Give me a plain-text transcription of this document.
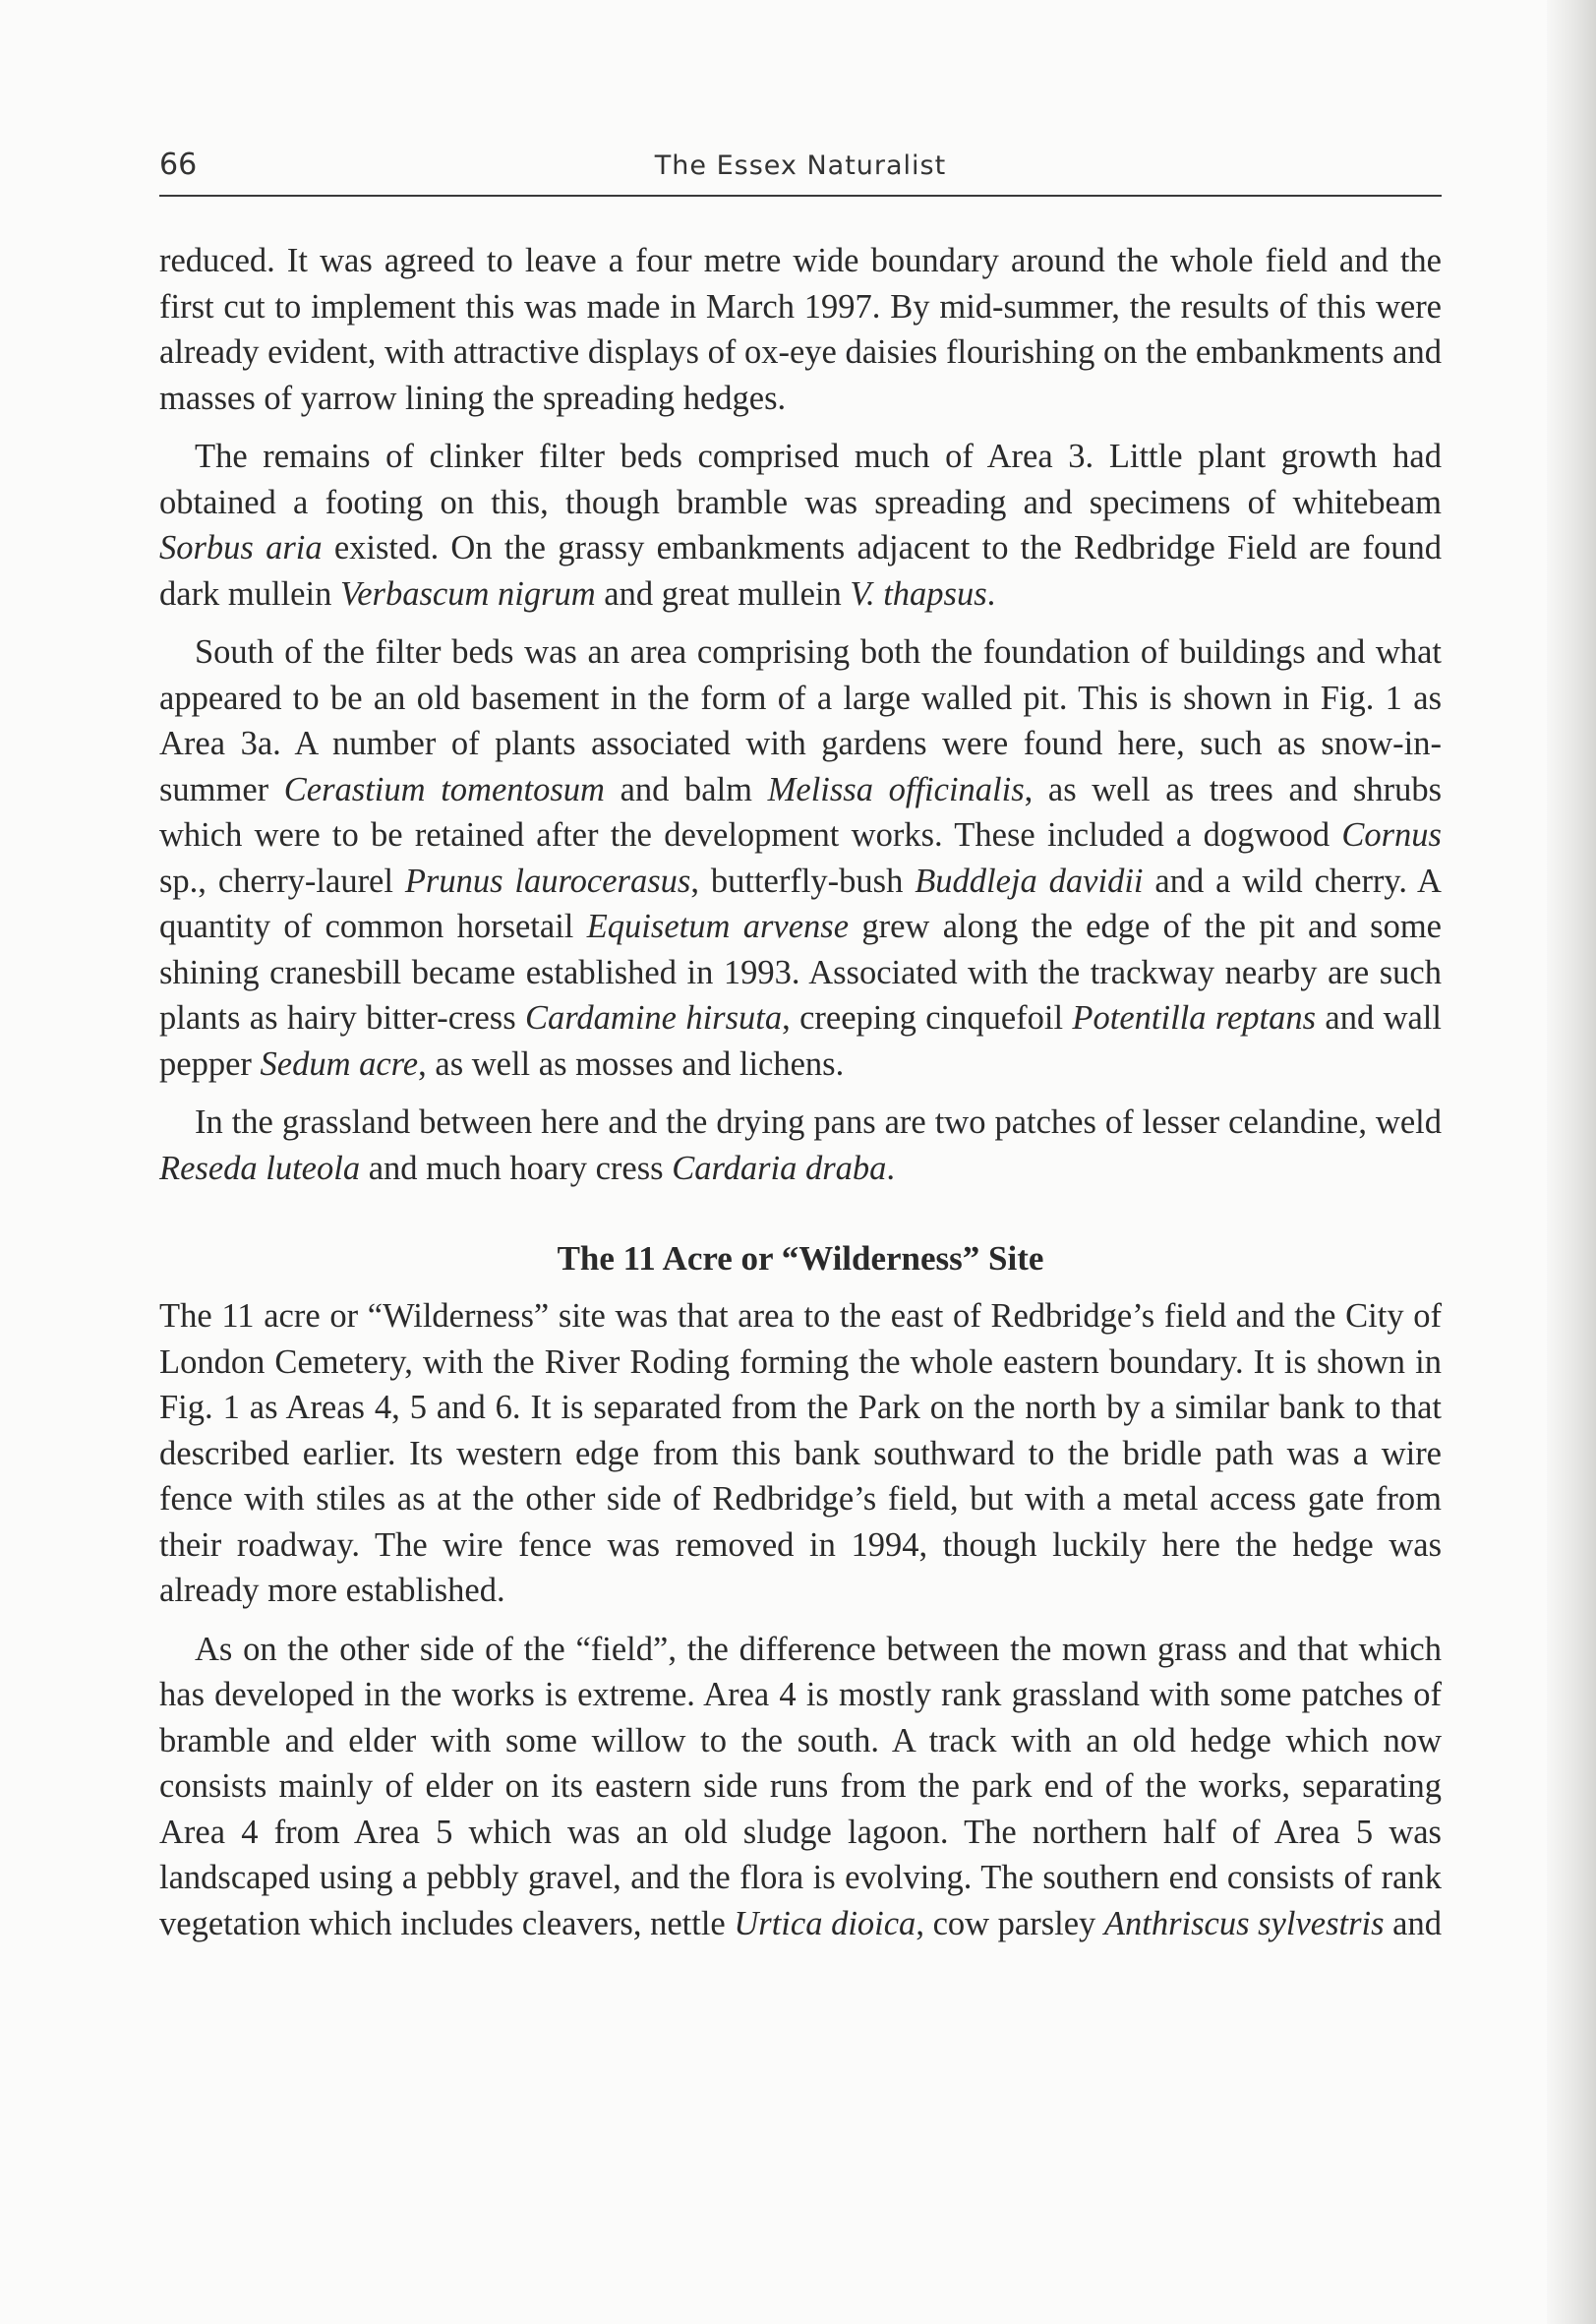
66	The Essex Naturalist

reduced. It was agreed to leave a four metre wide boundary around the whole field and the first cut to implement this was made in March 1997. By mid-summer, the results of this were already evident, with attractive displays of ox-eye daisies flourishing on the embankments and masses of yarrow lining the spreading hedges.

The remains of clinker filter beds comprised much of Area 3. Little plant growth had obtained a footing on this, though bramble was spreading and specimens of whitebeam Sorbus aria existed. On the grassy embankments adjacent to the Redbridge Field are found dark mullein Verbascum nigrum and great mullein V. thapsus.

South of the filter beds was an area comprising both the foundation of buildings and what appeared to be an old basement in the form of a large walled pit. This is shown in Fig. 1 as Area 3a. A number of plants associated with gardens were found here, such as snow-in-summer Cerastium tomentosum and balm Melissa officinalis, as well as trees and shrubs which were to be retained after the development works. These included a dogwood Cornus sp., cherry-laurel Prunus laurocerasus, butterfly-bush Buddleja davidii and a wild cherry. A quantity of common horsetail Equisetum arvense grew along the edge of the pit and some shining cranesbill became established in 1993. Associated with the trackway nearby are such plants as hairy bitter-cress Cardamine hirsuta, creeping cinquefoil Potentilla reptans and wall pepper Sedum acre, as well as mosses and lichens.

In the grassland between here and the drying pans are two patches of lesser celandine, weld Reseda luteola and much hoary cress Cardaria draba.

The 11 Acre or “Wilderness” Site

The 11 acre or “Wilderness” site was that area to the east of Redbridge’s field and the City of London Cemetery, with the River Roding forming the whole eastern boundary. It is shown in Fig. 1 as Areas 4, 5 and 6. It is separated from the Park on the north by a similar bank to that described earlier. Its western edge from this bank southward to the bridle path was a wire fence with stiles as at the other side of Redbridge’s field, but with a metal access gate from their roadway. The wire fence was removed in 1994, though luckily here the hedge was already more established.

As on the other side of the “field”, the difference between the mown grass and that which has developed in the works is extreme. Area 4 is mostly rank grassland with some patches of bramble and elder with some willow to the south. A track with an old hedge which now consists mainly of elder on its eastern side runs from the park end of the works, separating Area 4 from Area 5 which was an old sludge lagoon. The northern half of Area 5 was landscaped using a pebbly gravel, and the flora is evolving. The southern end consists of rank vegetation which includes cleavers, nettle Urtica dioica, cow parsley Anthriscus sylvestris and
